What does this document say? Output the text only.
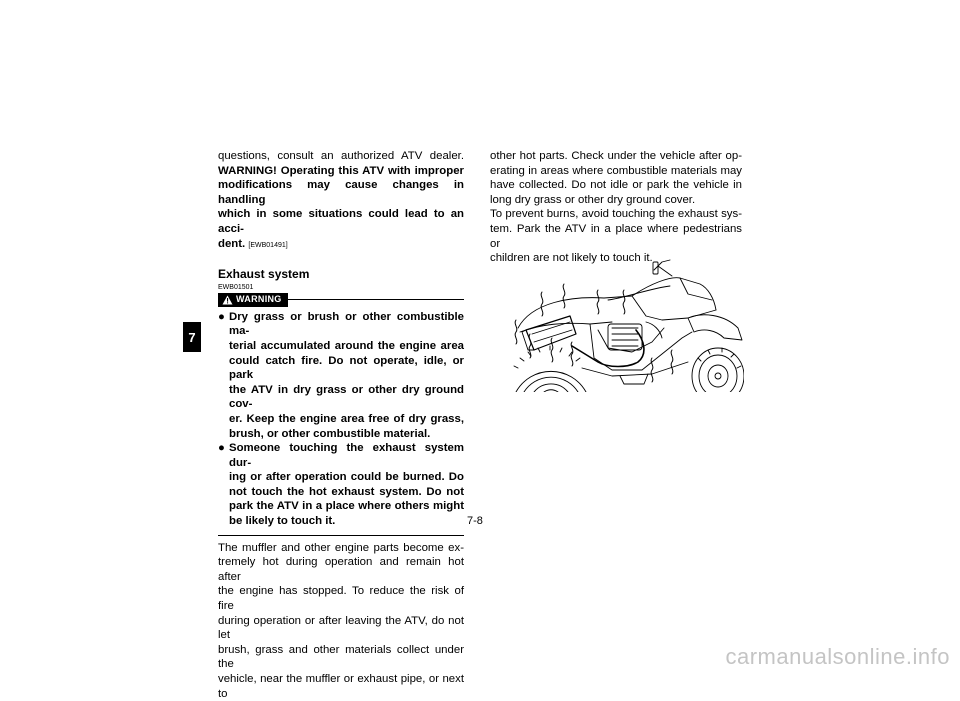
7

questions, consult an authorized ATV dealer.

WARNING! Operating this ATV with improper

modifications may cause changes in handling

which in some situations could lead to an acci-

dent. [EWB01491]

Exhaust system

EWB01501

WARNING
● Dry grass or brush or other combustible ma-

terial accumulated around the engine area

could catch fire. Do not operate, idle, or park

the ATV in dry grass or other dry ground cov-

er. Keep the engine area free of dry grass,

brush, or other combustible material.

● Someone touching the exhaust system dur-

ing or after operation could be burned. Do

not touch the hot exhaust system. Do not

park the ATV in a place where others might

be likely to touch it.

The muffler and other engine parts become ex-

tremely hot during operation and remain hot after

the engine has stopped. To reduce the risk of fire

during operation or after leaving the ATV, do not let

brush, grass and other materials collect under the

vehicle, near the muffler or exhaust pipe, or next to

other hot parts. Check under the vehicle after op-

erating in areas where combustible materials may

have collected. Do not idle or park the vehicle in

long dry grass or other dry ground cover.

To prevent burns, avoid touching the exhaust sys-

tem. Park the ATV in a place where pedestrians or

children are not likely to touch it.

7-8
carmanualsonline.info
